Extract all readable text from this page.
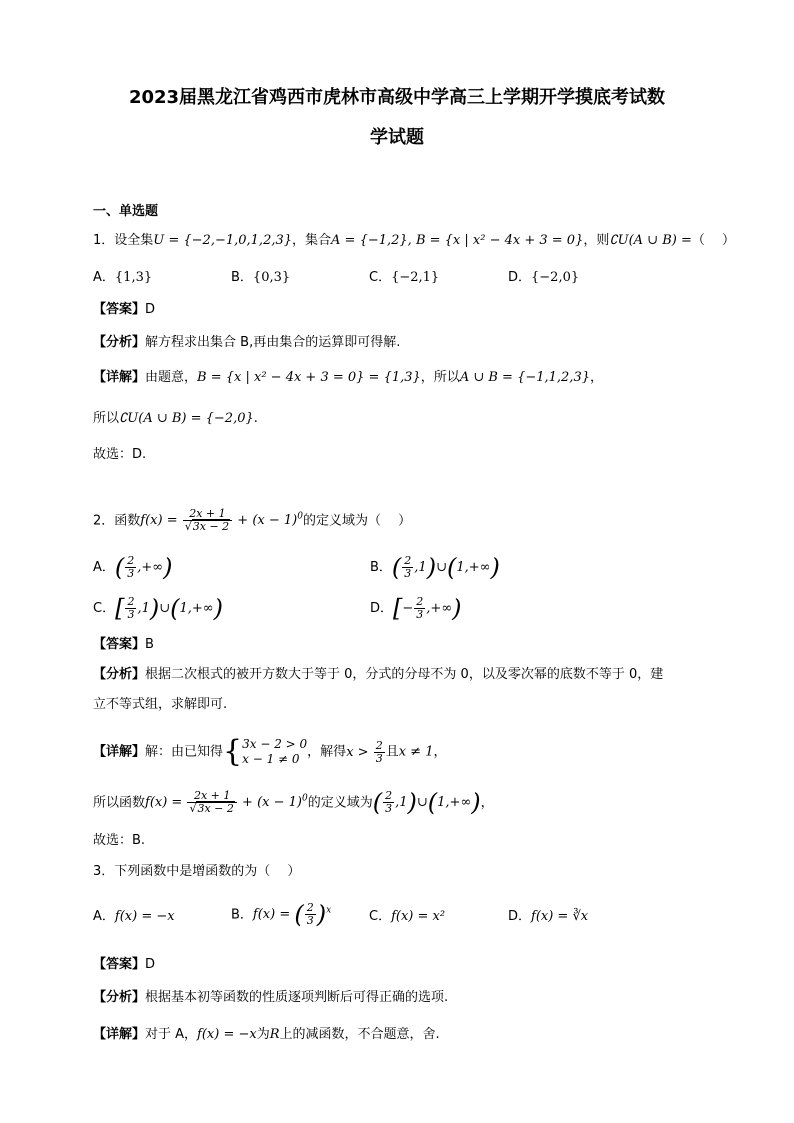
2023届黑龙江省鸡西市虎林市高级中学高三上学期开学摸底考试数
学试题
一、单选题
1．设全集U = {−2,−1,0,1,2,3}，集合A = {−1,2}, B = {x | x² − 4x + 3 = 0}，则∁U(A ∪ B) =（　 ）
A．{1,3}	B．{0,3}	C．{−2,1}	D．{−2,0}
【答案】D
【分析】解方程求出集合 B,再由集合的运算即可得解.
【详解】由题意，B = {x | x² − 4x + 3 = 0} = {1,3}，所以A ∪ B = {−1,1,2,3}，
所以∁U(A ∪ B) = {−2,0}.
故选：D.
2．函数$f(x) = \frac{2x + 1}{√3x - 2} + (x - 1)^0$的定义域为（　 ）
A．( $\frac{2}{3}$ ,+∞)	B．( $\frac{2}{3}$ ,1)∪(1,+∞)
C．[ $\frac{2}{3}$ ,1)∪(1,+∞)	D．[− $\frac{2}{3}$ ,+∞)
【答案】B
【分析】根据二次根式的被开方数大于等于 0，分式的分母不为 0，以及零次幂的底数不等于 0，建
立不等式组，求解即可.
【详解】解：由已知得{3x − 2 > 0
x − 1 ≠ 0 ，解得$x > \frac{2}{3}$ 且x ≠ 1，
所以函数$f(x) = \frac{2x + 1}{√3x - 2} + (x - 1)^0$的定义域为( $\frac{2}{3}$ ,1)∪(1,+∞)，
故选：B.
3．下列函数中是增函数的为（　 ）
A．f(x) = −x	B．f(x) = ( $\frac{2}{3} )^x$	C．f(x) = x²	D．f(x) = ∛x
【答案】D
【分析】根据基本初等函数的性质逐项判断后可得正确的选项.
【详解】对于 A，f(x) = −x为R上的减函数，不合题意，舍.
